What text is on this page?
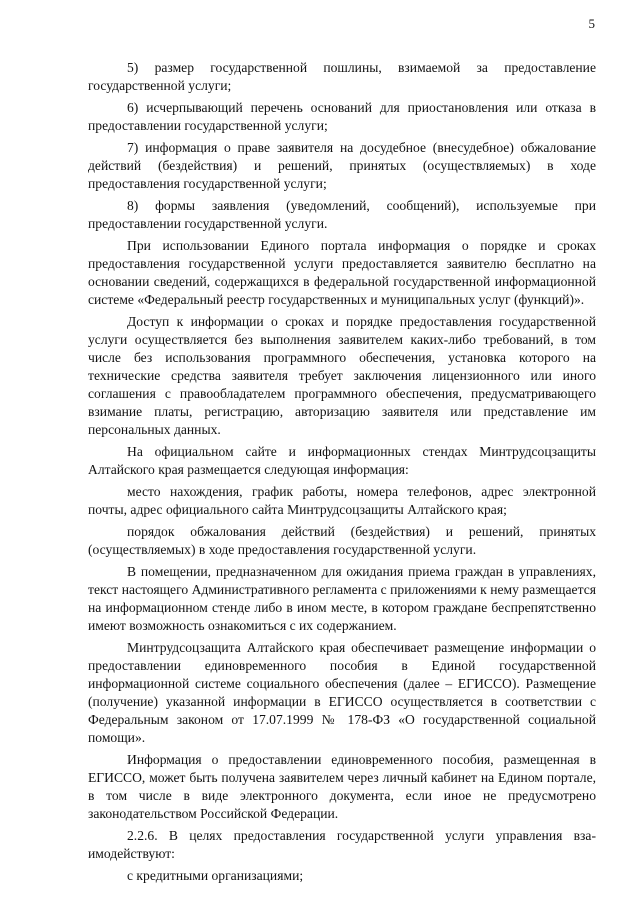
5

5) размер государственной пошлины, взимаемой за предоставление государственной услуги;

6) исчерпывающий перечень оснований для приостановления или отказа в предоставлении государственной услуги;

7) информация о праве заявителя на досудебное (внесудебное) обжалование действий (бездействия) и решений, принятых (осуществляемых) в ходе предоставления государственной услуги;

8) формы заявления (уведомлений, сообщений), используемые при предоставлении государственной услуги.

При использовании Единого портала информация о порядке и сроках предоставления государственной услуги предоставляется заявителю бесплатно на основании сведений, содержащихся в федеральной государственной информационной системе «Федеральный реестр государственных и муниципальных услуг (функций)».

Доступ к информации о сроках и порядке предоставления государственной услуги осуществляется без выполнения заявителем каких-либо требований, в том числе без использования программного обеспечения, установка которого на технические средства заявителя требует заключения лицензионного или иного соглашения с правообладателем программного обеспечения, предусматривающего взимание платы, регистрацию, авторизацию заявителя или представление им персональных данных.

На официальном сайте и информационных стендах Минтрудсоцзащиты Алтайского края размещается следующая информация:

место нахождения, график работы, номера телефонов, адрес электронной почты, адрес официального сайта Минтрудсоцзащиты Алтайского края;

порядок обжалования действий (бездействия) и решений, принятых (осуществляемых) в ходе предоставления государственной услуги.

В помещении, предназначенном для ожидания приема граждан в управлениях, текст настоящего Административного регламента с приложениями к нему размещается на информационном стенде либо в ином месте, в котором граждане беспрепятственно имеют возможность ознакомиться с их содержанием.

Минтрудсоцзащита Алтайского края обеспечивает размещение информации о предоставлении единовременного пособия в Единой государственной информационной системе социального обеспечения (далее – ЕГИССО). Размещение (получение) указанной информации в ЕГИССО осуществляется в соответствии с Федеральным законом от 17.07.1999 № 178-ФЗ «О государственной социальной помощи».

Информация о предоставлении единовременного пособия, размещенная в ЕГИССО, может быть получена заявителем через личный кабинет на Едином портале, в том числе в виде электронного документа, если иное не предусмотрено законодательством Российской Федерации.

2.2.6. В целях предоставления государственной услуги управления взаимодействуют:

с кредитными организациями;
